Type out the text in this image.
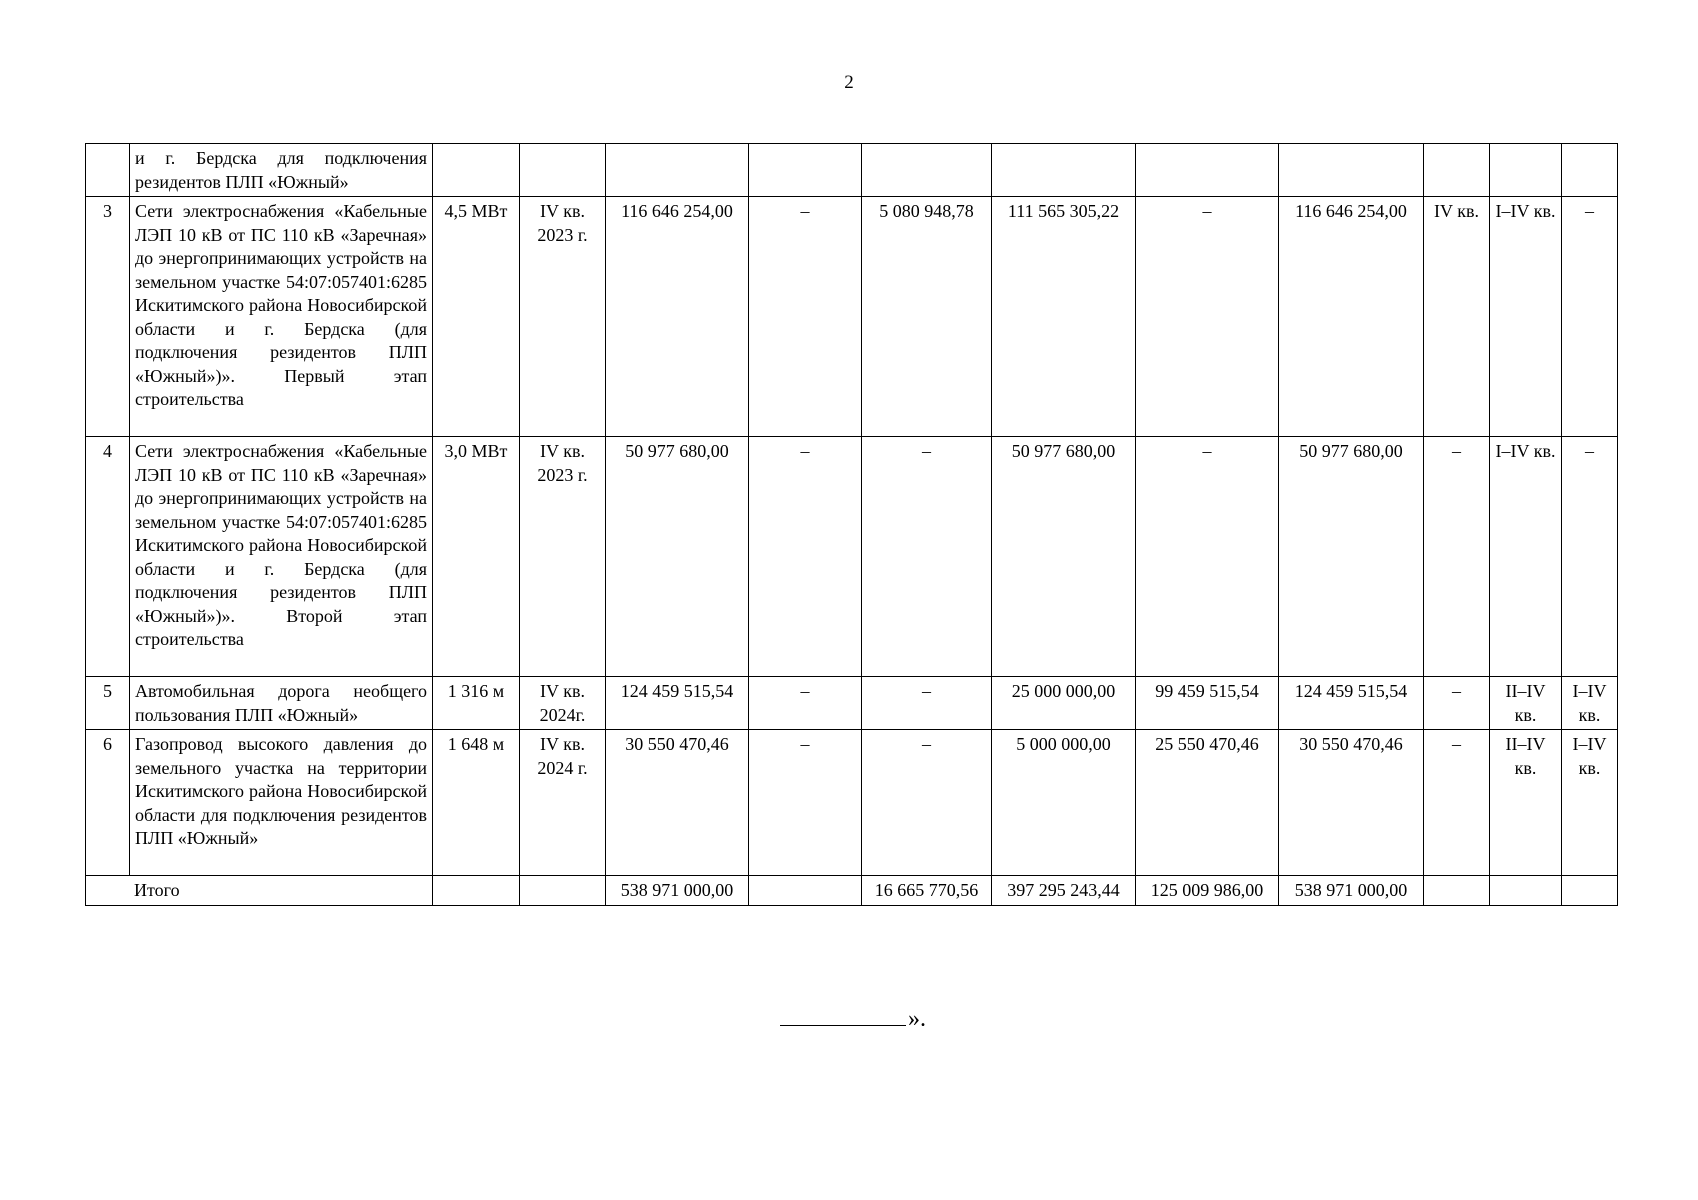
2
	и г. Бердска для подключения резидентов ПЛП «Южный»											
3	Сети электроснабжения «Кабельные ЛЭП 10 кВ от ПС 110 кВ «Заречная» до энергопринимающих устройств на земельном участке 54:07:057401:6285 Искитимского района Новосибирской области и г. Бердска (для подключения резидентов ПЛП «Южный»)». Первый этап строительства	4,5 МВт	IV кв. 2023 г.	116 646 254,00	–	5 080 948,78	111 565 305,22	–	116 646 254,00	IV кв.	I–IV кв.	–
4	Сети электроснабжения «Кабельные ЛЭП 10 кВ от ПС 110 кВ «Заречная» до энергопринимающих устройств на земельном участке 54:07:057401:6285 Искитимского района Новосибирской области и г. Бердска (для подключения резидентов ПЛП «Южный»)». Второй этап строительства	3,0 МВт	IV кв. 2023 г.	50 977 680,00	–	–	50 977 680,00	–	50 977 680,00	–	I–IV кв.	–
5	Автомобильная дорога необщего пользования ПЛП «Южный»	1 316 м	IV кв. 2024г.	124 459 515,54	–	–	25 000 000,00	99 459 515,54	124 459 515,54	–	II–IV кв.	I–IV кв.
6	Газопровод высокого давления до земельного участка на территории Искитимского района Новосибирской области для подключения резидентов ПЛП «Южный»	1 648 м	IV кв. 2024 г.	30 550 470,46	–	–	5 000 000,00	25 550 470,46	30 550 470,46	–	II–IV кв.	I–IV кв.
Итого				538 971 000,00		16 665 770,56	397 295 243,44	125 009 986,00	538 971 000,00			
».
